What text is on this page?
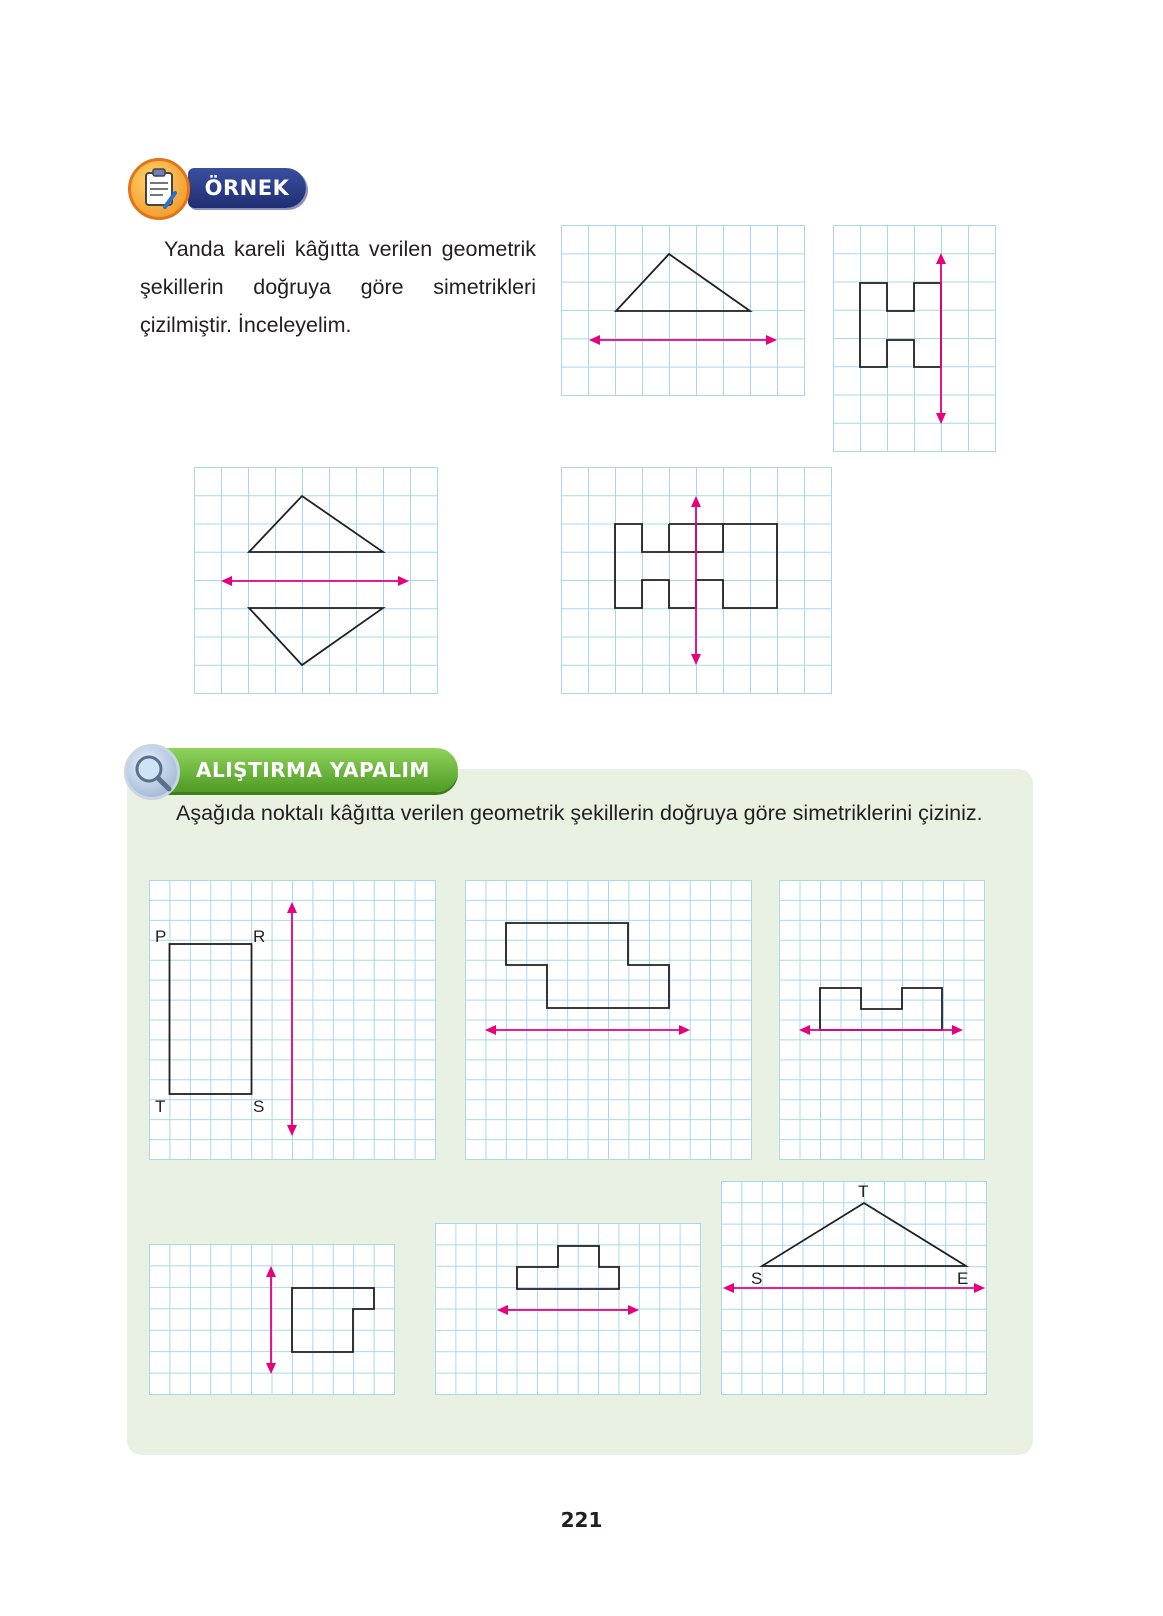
ÖRNEK
Yanda kareli kâğıtta verilen geometrik şekillerin doğruya göre simetrikleri çizilmiştir. İnceleyelim.
ALIŞTIRMA YAPALIM
Aşağıda noktalı kâğıtta verilen geometrik şekillerin doğruya göre simetriklerini çiziniz.
P	R
T	S
T
S	E
221
